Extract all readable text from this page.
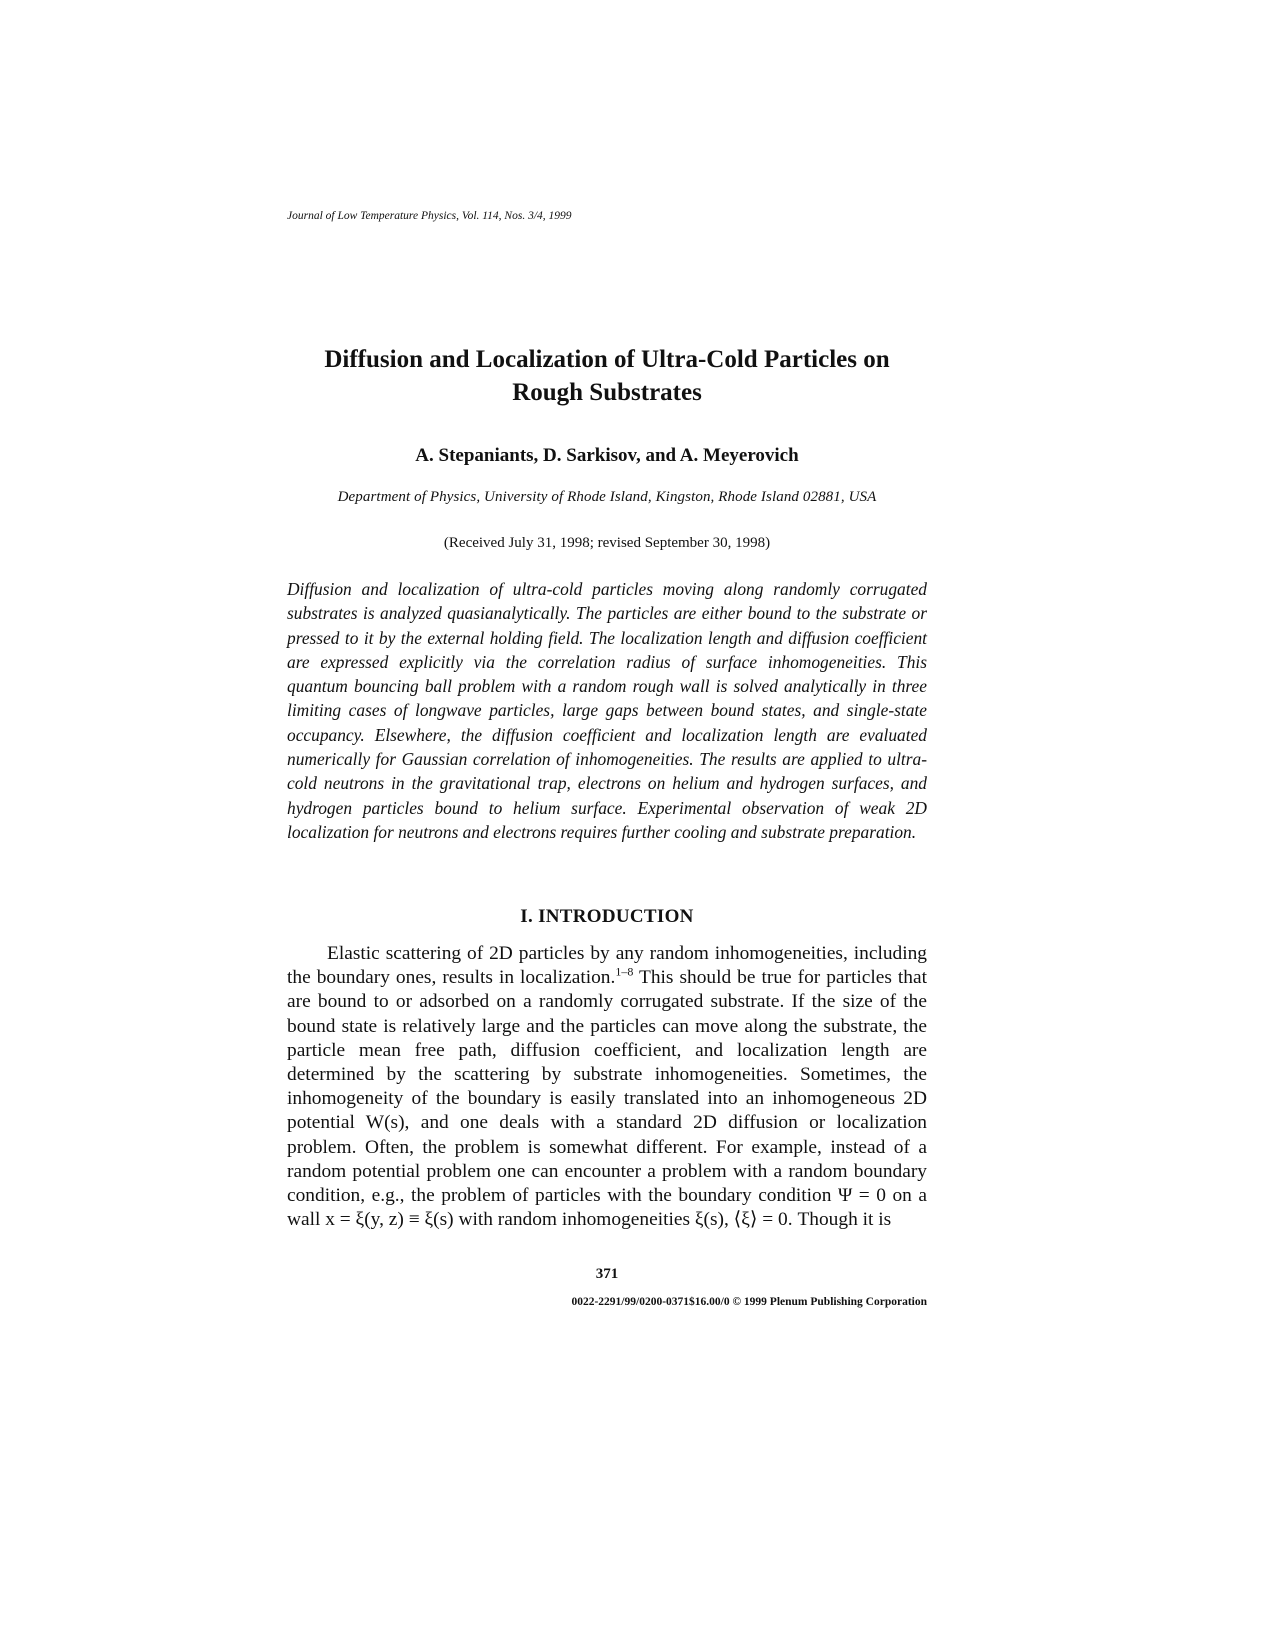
Journal of Low Temperature Physics, Vol. 114, Nos. 3/4, 1999
Diffusion and Localization of Ultra-Cold Particles on Rough Substrates
A. Stepaniants, D. Sarkisov, and A. Meyerovich
Department of Physics, University of Rhode Island, Kingston, Rhode Island 02881, USA
(Received July 31, 1998; revised September 30, 1998)
Diffusion and localization of ultra-cold particles moving along randomly corrugated substrates is analyzed quasianalytically. The particles are either bound to the substrate or pressed to it by the external holding field. The localization length and diffusion coefficient are expressed explicitly via the correlation radius of surface inhomogeneities. This quantum bouncing ball problem with a random rough wall is solved analytically in three limiting cases of longwave particles, large gaps between bound states, and single-state occupancy. Elsewhere, the diffusion coefficient and localization length are evaluated numerically for Gaussian correlation of inhomogeneities. The results are applied to ultra-cold neutrons in the gravitational trap, electrons on helium and hydrogen surfaces, and hydrogen particles bound to helium surface. Experimental observation of weak 2D localization for neutrons and electrons requires further cooling and substrate preparation.
I. INTRODUCTION

Elastic scattering of 2D particles by any random inhomogeneities, including the boundary ones, results in localization.$^{1-8}$ This should be true for particles that are bound to or adsorbed on a randomly corrugated substrate. If the size of the bound state is relatively large and the particles can move along the substrate, the particle mean free path, diffusion coefficient, and localization length are determined by the scattering by substrate inhomogeneities. Sometimes, the inhomogeneity of the boundary is easily translated into an inhomogeneous 2D potential W(s), and one deals with a standard 2D diffusion or localization problem. Often, the problem is somewhat different. For example, instead of a random potential problem one can encounter a problem with a random boundary condition, e.g., the problem of particles with the boundary condition Ψ = 0 on a wall x = ξ(y, z) ≡ ξ(s) with random inhomogeneities ξ(s), ⟨ξ⟩ = 0. Though it is

371
0022-2291/99/0200-0371$16.00/0 © 1999 Plenum Publishing Corporation
